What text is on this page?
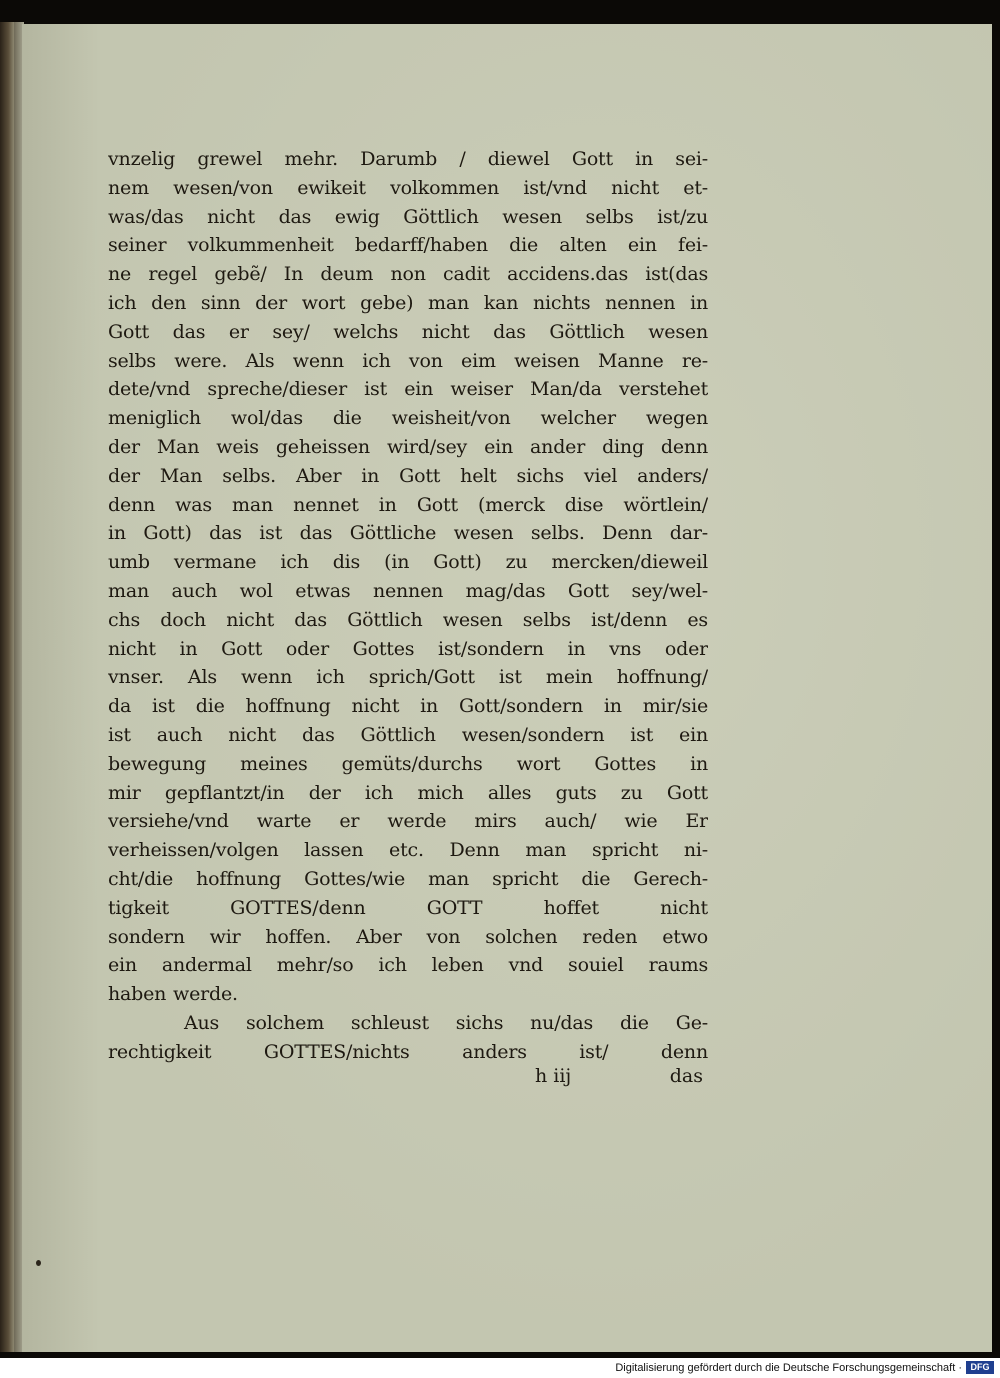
vnzelig grewel mehr. Darumb / diewel Gott in sei-
nem wesen/von ewikeit volkommen ist/vnd nicht et-
was/das nicht das ewig Göttlich wesen selbs ist/zu
seiner volkummenheit bedarff/haben die alten ein fei-
ne regel gebẽ/ In deum non cadit accidens.das ist(das
ich den sinn der wort gebe) man kan nichts nennen in
Gott das er sey/ welchs nicht das Göttlich wesen
selbs were. Als wenn ich von eim weisen Manne re-
dete/vnd spreche/dieser ist ein weiser Man/da verstehet
meniglich wol/das die weisheit/von welcher wegen
der Man weis geheissen wird/sey ein ander ding denn
der Man selbs. Aber in Gott helt sichs viel anders/
denn was man nennet in Gott (merck dise wörtlein/
in Gott) das ist das Göttliche wesen selbs. Denn dar-
umb vermane ich dis (in Gott) zu mercken/dieweil
man auch wol etwas nennen mag/das Gott sey/wel-
chs doch nicht das Göttlich wesen selbs ist/denn es
nicht in Gott oder Gottes ist/sondern in vns oder
vnser. Als wenn ich sprich/Gott ist mein hoffnung/
da ist die hoffnung nicht in Gott/sondern in mir/sie
ist auch nicht das Göttlich wesen/sondern ist ein
bewegung meines gemüts/durchs wort Gottes in
mir gepflantzt/in der ich mich alles guts zu Gott
versiehe/vnd warte er werde mirs auch/ wie Er
verheissen/volgen lassen etc. Denn man spricht ni-
cht/die hoffnung Gottes/wie man spricht die Gerech-
tigkeit GOTTES/denn GOTT hoffet nicht
sondern wir hoffen. Aber von solchen reden etwo
ein andermal mehr/so ich leben vnd souiel raums
haben werde.
Aus solchem schleust sichs nu/das die Ge-
rechtigkeit GOTTES/nichts anders ist/ denn
h iij	das
Digitalisierung gefördert durch die Deutsche Forschungsgemeinschaft · DFG
